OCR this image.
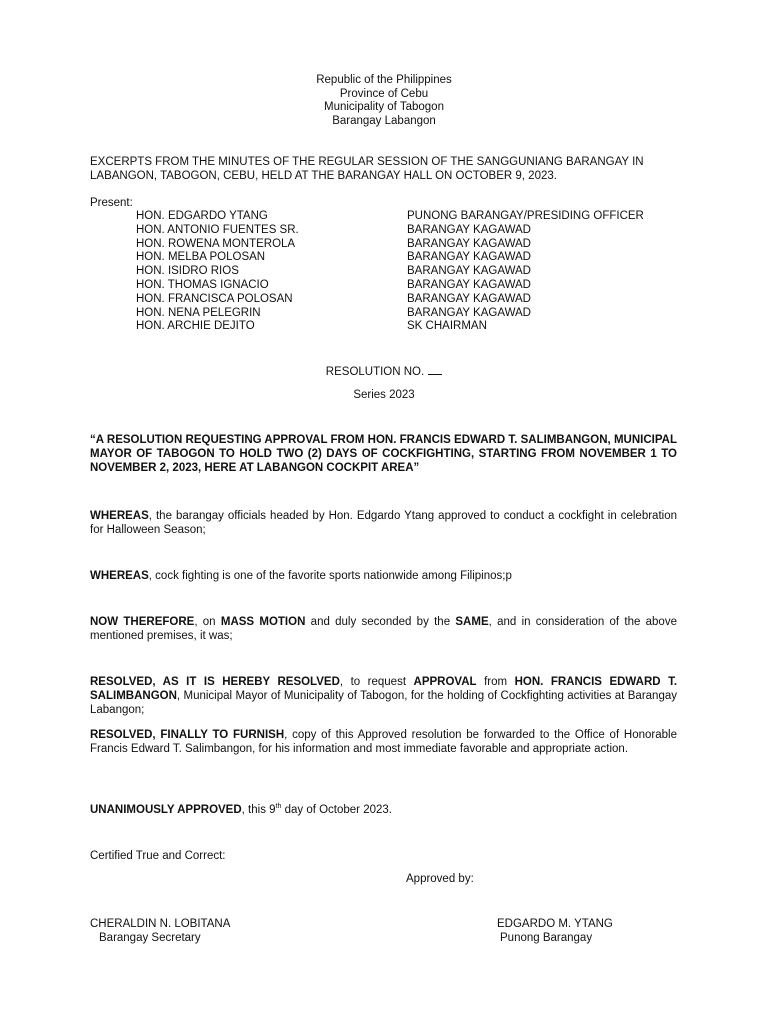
Republic of the Philippines
Province of Cebu
Municipality of Tabogon
Barangay Labangon
EXCERPTS FROM THE MINUTES OF THE REGULAR SESSION OF THE SANGGUNIANG BARANGAY IN LABANGON, TABOGON, CEBU, HELD AT THE BARANGAY HALL ON OCTOBER 9, 2023.
Present:
HON. EDGARDO YTANG	PUNONG BARANGAY/PRESIDING OFFICER
HON. ANTONIO FUENTES SR.	BARANGAY KAGAWAD
HON. ROWENA MONTEROLA	BARANGAY KAGAWAD
HON. MELBA POLOSAN	BARANGAY KAGAWAD
HON. ISIDRO RIOS	BARANGAY KAGAWAD
HON. THOMAS IGNACIO	BARANGAY KAGAWAD
HON. FRANCISCA POLOSAN	BARANGAY KAGAWAD
HON. NENA PELEGRIN	BARANGAY KAGAWAD
HON. ARCHIE DEJITO	SK CHAIRMAN
RESOLUTION NO.
Series 2023
“A RESOLUTION REQUESTING APPROVAL FROM HON. FRANCIS EDWARD T. SALIMBANGON, MUNICIPAL MAYOR OF TABOGON TO HOLD TWO (2) DAYS OF COCKFIGHTING, STARTING FROM NOVEMBER 1 TO NOVEMBER 2, 2023, HERE AT LABANGON COCKPIT AREA”
WHEREAS, the barangay officials headed by Hon. Edgardo Ytang approved to conduct a cockfight in celebration for Halloween Season;
WHEREAS, cock fighting is one of the favorite sports nationwide among Filipinos;p
NOW THEREFORE, on MASS MOTION and duly seconded by the SAME, and in consideration of the above mentioned premises, it was;
RESOLVED, AS IT IS HEREBY RESOLVED, to request APPROVAL from HON. FRANCIS EDWARD T. SALIMBANGON, Municipal Mayor of Municipality of Tabogon, for the holding of Cockfighting activities at Barangay Labangon;
RESOLVED, FINALLY TO FURNISH, copy of this Approved resolution be forwarded to the Office of Honorable Francis Edward T. Salimbangon, for his information and most immediate favorable and appropriate action.
UNANIMOUSLY APPROVED, this 9th day of October 2023.
Certified True and Correct:
Approved by:
CHERALDIN N. LOBITANA
Barangay Secretary
EDGARDO M. YTANG
Punong Barangay
